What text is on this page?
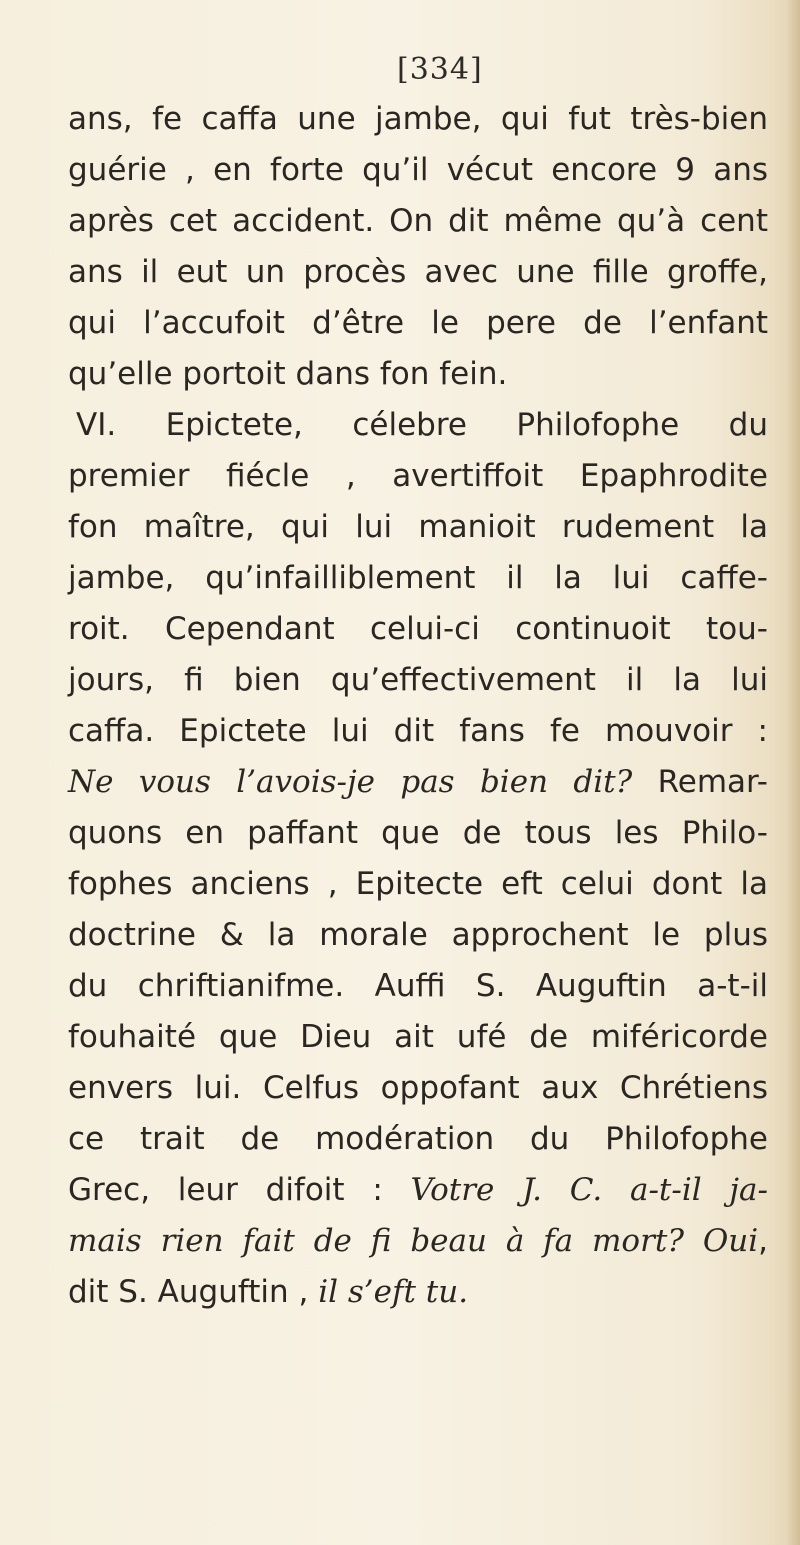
[334]
ans, fe caffa une jambe, qui fut très-bien
guérie , en forte qu’il vécut encore 9 ans
après cet accident. On dit même qu’à cent
ans il eut un procès avec une fille groffe,
qui l’accufoit d’être le pere de l’enfant
qu’elle portoit dans fon fein.
VI. Epictete, célebre Philofophe du
premier fiécle , avertiffoit Epaphrodite
fon maître, qui lui manioit rudement la
jambe, qu’infailliblement il la lui caffe-
roit. Cependant celui-ci continuoit tou-
jours, fi bien qu’effectivement il la lui
caffa. Epictete lui dit fans fe mouvoir :
Ne vous l’avois-je pas bien dit? Remar-
quons en paffant que de tous les Philo-
fophes anciens , Epitecte eft celui dont la
doctrine & la morale approchent le plus
du chriftianifme. Auffi S. Auguftin a-t-il
fouhaité que Dieu ait ufé de miféricorde
envers lui. Celfus oppofant aux Chrétiens
ce trait de modération du Philofophe
Grec, leur difoit : Votre J. C. a-t-il ja-
mais rien fait de fi beau à fa mort? Oui,
dit S. Auguftin , il s’eft tu.
